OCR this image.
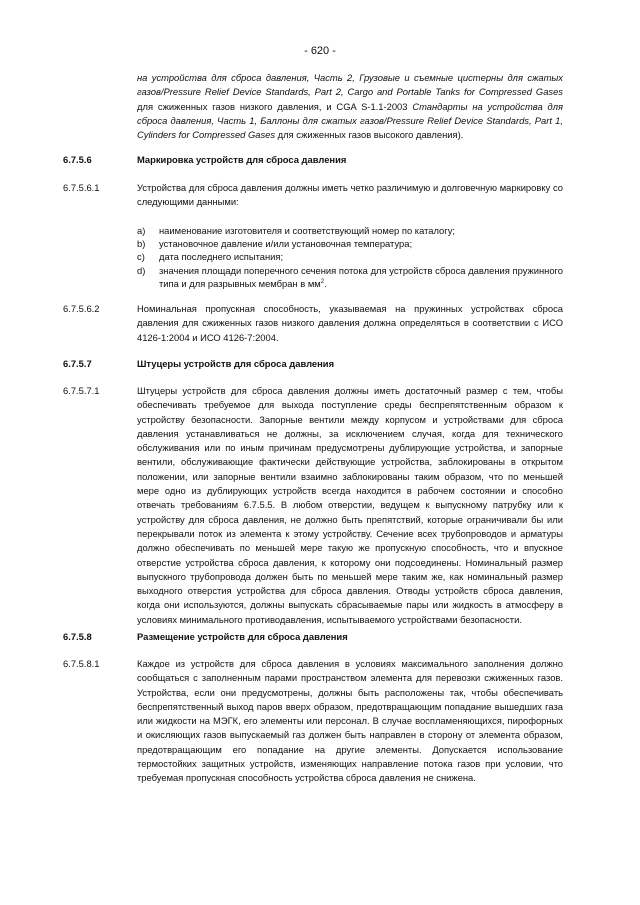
- 620 -
на устройства для сброса давления, Часть 2, Грузовые и съемные цистерны для сжатых газов/Pressure Relief Device Standards, Part 2, Cargo and Portable Tanks for Compressed Gases для сжиженных газов низкого давления, и CGA S-1.1-2003 Стандарты на устройства для сброса давления, Часть 1, Баллоны для сжатых газов/Pressure Relief Device Standards, Part 1, Cylinders for Compressed Gases для сжиженных газов высокого давления).
6.7.5.6	Маркировка устройств для сброса давления
6.7.5.6.1	Устройства для сброса давления должны иметь четко различимую и долговечную маркировку со следующими данными:
a) наименование изготовителя и соответствующий номер по каталогу;
b) установочное давление и/или установочная температура;
c) дата последнего испытания;
d) значения площади поперечного сечения потока для устройств сброса давления пружинного типа и для разрывных мембран в $мм^2$.
6.7.5.6.2	Номинальная пропускная способность, указываемая на пружинных устройствах сброса давления для сжиженных газов низкого давления должна определяться в соответствии с ИСО 4126-1:2004 и ИСО 4126-7:2004.
6.7.5.7	Штуцеры устройств для сброса давления
6.7.5.7.1	Штуцеры устройств для сброса давления должны иметь достаточный размер с тем, чтобы обеспечивать требуемое для выхода поступление среды беспрепятственным образом к устройству безопасности. Запорные вентили между корпусом и устройствами для сброса давления устанавливаться не должны, за исключением случая, когда для технического обслуживания или по иным причинам предусмотрены дублирующие устройства, и запорные вентили, обслуживающие фактически действующие устройства, заблокированы в открытом положении, или запорные вентили взаимно заблокированы таким образом, что по меньшей мере одно из дублирующих устройств всегда находится в рабочем состоянии и способно отвечать требованиям 6.7.5.5. В любом отверстии, ведущем к выпускному патрубку или к устройству для сброса давления, не должно быть препятствий, которые ограничивали бы или перекрывали поток из элемента к этому устройству. Сечение всех трубопроводов и арматуры должно обеспечивать по меньшей мере такую же пропускную способность, что и впускное отверстие устройства сброса давления, к которому они подсоединены. Номинальный размер выпускного трубопровода должен быть по меньшей мере таким же, как номинальный размер выходного отверстия устройства для сброса давления. Отводы устройств сброса давления, когда они используются, должны выпускать сбрасываемые пары или жидкость в атмосферу в условиях минимального противодавления, испытываемого устройствами безопасности.
6.7.5.8	Размещение устройств для сброса давления
6.7.5.8.1	Каждое из устройств для сброса давления в условиях максимального заполнения должно сообщаться с заполненным парами пространством элемента для перевозки сжиженных газов. Устройства, если они предусмотрены, должны быть расположены так, чтобы обеспечивать беспрепятственный выход паров вверх образом, предотвращающим попадание вышедших газа или жидкости на МЭГК, его элементы или персонал. В случае воспламеняющихся, пирофорных и окисляющих газов выпускаемый газ должен быть направлен в сторону от элемента образом, предотвращающим его попадание на другие элементы. Допускается использование термостойких защитных устройств, изменяющих направление потока газов при условии, что требуемая пропускная способность устройства сброса давления не снижена.
